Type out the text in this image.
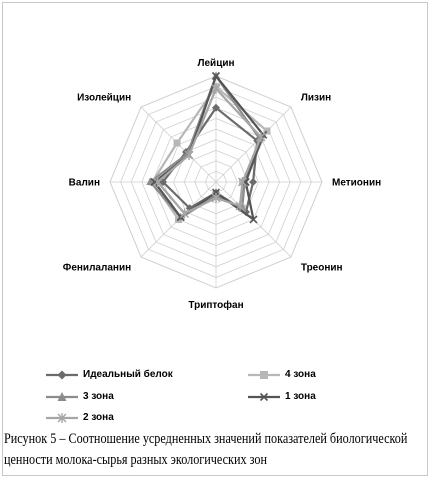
Лейцин
Лизин
Метионин
Треонин
Триптофан
Фенилаланин
Валин
Изолейцин
Идеальный белок	4 зона
3 зона	1 зона
2 зона
Рисунок 5 – Соотношение усредненных значений показателей биологической
ценности молока-сырья разных экологических зон
